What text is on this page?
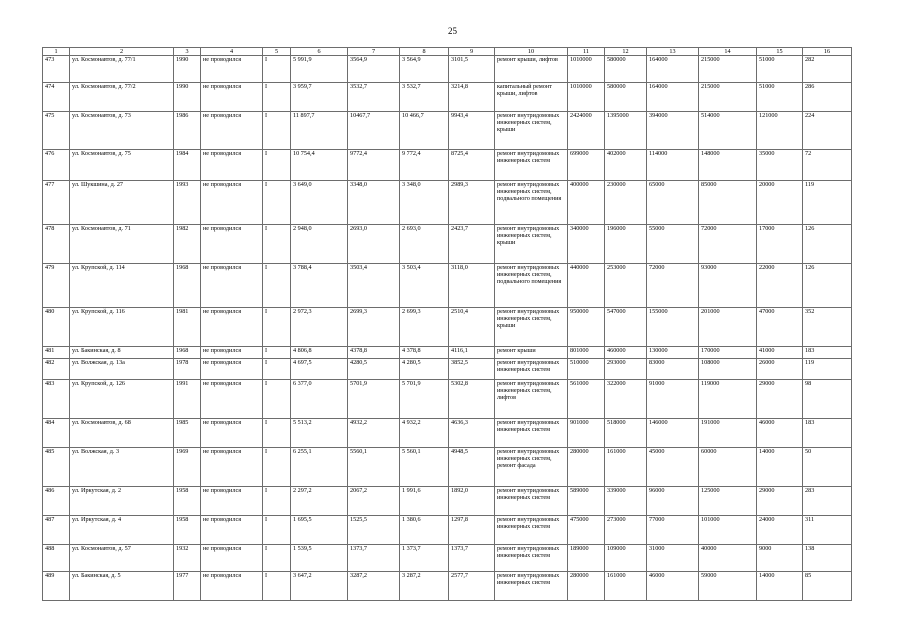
25
1	2	3	4	5	6	7	8	9	10	11	12	13	14	15	16
473	ул. Космонавтов, д. 77/1	1990	не проводился	I	5 991,9	3564,9	3 564,9	3101,5	ремонт крыши, лифтов	1010000	580000	164000	215000	51000	282
474	ул. Космонавтов, д. 77/2	1990	не проводился	I	3 959,7	3532,7	3 532,7	3214,8	капитальный ремонт крыши, лифтов	1010000	580000	164000	215000	51000	286
475	ул. Космонавтов, д. 73	1986	не проводился	I	11 897,7	10467,7	10 466,7	9943,4	ремонт внутридомовых инженерных систем, крыши	2424000	1395000	394000	514000	121000	224
476	ул. Космонавтов, д. 75	1984	не проводился	I	10 754,4	9772,4	9 772,4	8725,4	ремонт внутридомовых инженерных систем	699000	402000	114000	148000	35000	72
477	ул. Шукшина, д. 27	1993	не проводился	I	3 649,0	3348,0	3 348,0	2989,3	ремонт внутридомовых инженерных систем, подвального помещения	400000	230000	65000	85000	20000	119
478	ул. Космонавтов, д. 71	1982	не проводился	I	2 948,0	2693,0	2 693,0	2423,7	ремонт внутридомовых инженерных систем, крыши	340000	196000	55000	72000	17000	126
479	ул. Крупской, д. 114	1968	не проводился	I	3 788,4	3503,4	3 503,4	3118,0	ремонт внутридомовых инженерных систем, подвального помещения	440000	253000	72000	93000	22000	126
480	ул. Крупской, д. 116	1981	не проводился	I	2 972,3	2699,3	2 699,3	2510,4	ремонт внутридомовых инженерных систем, крыши	950000	547000	155000	201000	47000	352
481	ул. Бакинская, д. 8	1968	не проводился	I	4 806,8	4378,8	4 378,8	4116,1	ремонт крыши	801000	460000	130000	170000	41000	183
482	ул. Волжская, д. 13а	1978	не проводился	I	4 697,5	4280,5	4 280,5	3852,5	ремонт внутридомовых инженерных систем	510000	293000	83000	108000	26000	119
483	ул. Крупской, д. 126	1991	не проводился	I	6 377,0	5701,9	5 701,9	5302,8	ремонт внутридомовых инженерных систем, лифтов	561000	322000	91000	119000	29000	98
484	ул. Космонавтов, д. 68	1985	не проводился	I	5 513,2	4932,2	4 932,2	4636,3	ремонт внутридомовых инженерных систем	901000	518000	146000	191000	46000	183
485	ул. Волжская, д. 3	1969	не проводился	I	6 255,1	5560,1	5 560,1	4948,5	ремонт внутридомовых инженерных систем, ремонт фасада	280000	161000	45000	60000	14000	50
486	ул. Иркутская, д. 2	1958	не проводился	I	2 297,2	2067,2	1 991,6	1892,0	ремонт внутридомовых инженерных систем	589000	339000	96000	125000	29000	283
487	ул. Иркутская, д. 4	1958	не проводился	I	1 695,5	1525,5	1 380,6	1297,8	ремонт внутридомовых инженерных систем	475000	273000	77000	101000	24000	311
488	ул. Космонавтов, д. 57	1932	не проводился	I	1 539,5	1373,7	1 373,7	1373,7	ремонт внутридомовых инженерных систем	189000	109000	31000	40000	9000	138
489	ул. Бакинская, д. 5	1977	не проводился	I	3 647,2	3287,2	3 287,2	2577,7	ремонт внутридомовых инженерных систем	280000	161000	46000	59000	14000	85
